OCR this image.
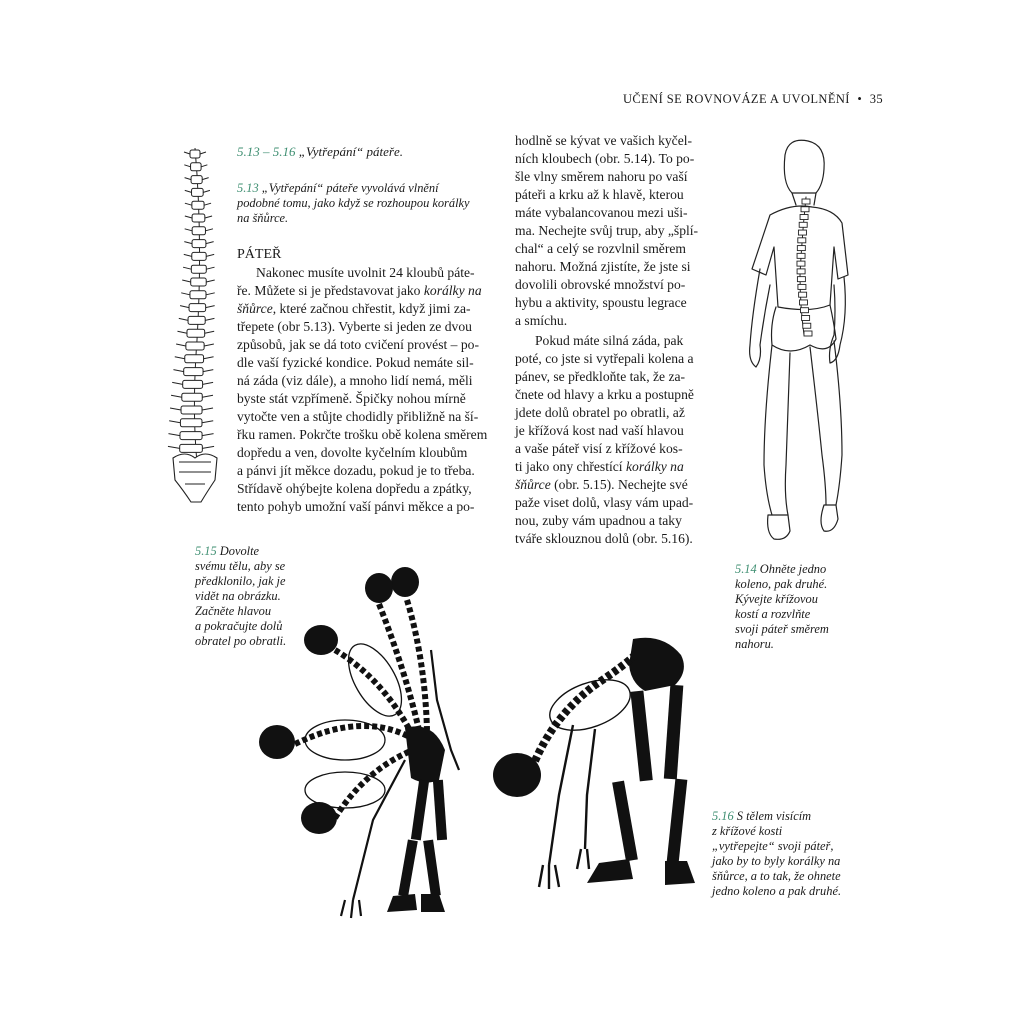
UČENÍ SE ROVNOVÁZE A UVOLNĚNÍ • 35
5.13 – 5.16 „Vytřepání“ páteře.
5.13 „Vytřepání“ páteře vyvolává vlnění
podobné tomu, jako když se rozhoupou korálky
na šňůrce.
PÁTEŘ
Nakonec musíte uvolnit 24 kloubů páte-
ře. Můžete si je představovat jako korálky na
šňůrce, které začnou chřestit, když jimi za-
třepete (obr 5.13). Vyberte si jeden ze dvou
způsobů, jak se dá toto cvičení provést – po-
dle vaší fyzické kondice. Pokud nemáte sil-
ná záda (viz dále), a mnoho lidí nemá, měli
byste stát vzpřímeně. Špičky nohou mírně
vytočte ven a stůjte chodidly přibližně na ší-
řku ramen. Pokrčte trošku obě kolena směrem
dopředu a ven, dovolte kyčelním kloubům
a pánvi jít měkce dozadu, pokud je to třeba.
Střídavě ohýbejte kolena dopředu a zpátky,
tento pohyb umožní vaší pánvi měkce a po-
hodlně se kývat ve vašich kyčel-
ních kloubech (obr. 5.14). To po-
šle vlny směrem nahoru po vaší
páteři a krku až k hlavě, kterou
máte vybalancovanou mezi uši-
ma. Nechejte svůj trup, aby „šplí-
chal“ a celý se rozvlnil směrem
nahoru. Možná zjistíte, že jste si
dovolili obrovské množství po-
hybu a aktivity, spoustu legrace
a smíchu.
Pokud máte silná záda, pak
poté, co jste si vytřepali kolena a
pánev, se předkloňte tak, že za-
čnete od hlavy a krku a postupně
jdete dolů obratel po obratli, až
je křížová kost nad vaší hlavou
a vaše páteř visí z křížové kos-
ti jako ony chřestící korálky na
šňůrce (obr. 5.15). Nechejte své
paže viset dolů, vlasy vám upad-
nou, zuby vám upadnou a taky
tváře sklouznou dolů (obr. 5.16).
5.15 Dovolte
svému tělu, aby se
předklonilo, jak je
vidět na obrázku.
Začněte hlavou
a pokračujte dolů
obratel po obratli.
5.14 Ohněte jedno
koleno, pak druhé.
Kývejte křížovou
kostí a rozvlňte
svoji páteř směrem
nahoru.
5.16 S tělem visícím
z křížové kosti
„vytřepejte“ svoji páteř,
jako by to byly korálky na
šňůrce, a to tak, že ohnete
jedno koleno a pak druhé.
